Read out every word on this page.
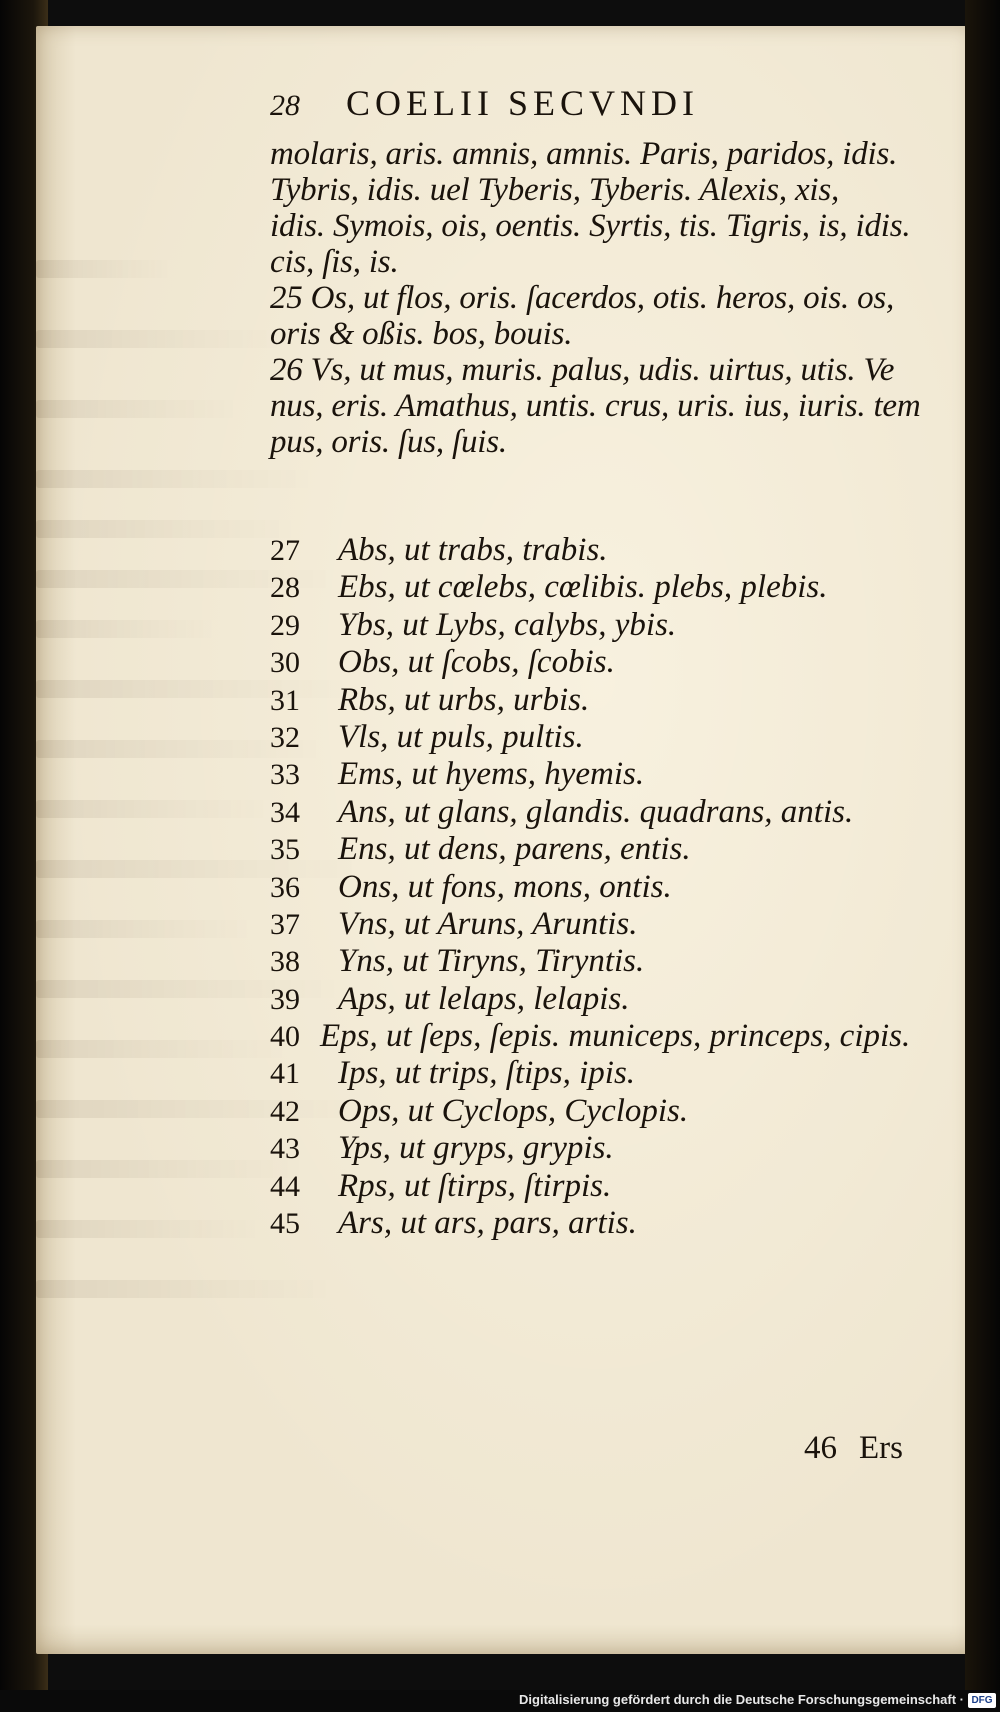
28 COELII SECVNDI
molaris, aris. amnis, amnis. Paris, paridos, idis.
Tybris, idis. uel Tyberis, Tyberis. Alexis, xis,
idis. Symois, ois, oentis. Syrtis, tis. Tigris, is, idis.
cis, ſis, is.
25 Os, ut flos, oris. ſacerdos, otis. heros, ois. os,
oris & oßis. bos, bouis.
26 Vs, ut mus, muris. palus, udis. uirtus, utis. Ve
nus, eris. Amathus, untis. crus, uris. ius, iuris. tem
pus, oris. ſus, ſuis.
27	Abs, ut trabs, trabis.
28	Ebs, ut cœlebs, cœlibis. plebs, plebis.
29	Ybs, ut Lybs, calybs, ybis.
30	Obs, ut ſcobs, ſcobis.
31	Rbs, ut urbs, urbis.
32	Vls, ut puls, pultis.
33	Ems, ut hyems, hyemis.
34	Ans, ut glans, glandis. quadrans, antis.
35	Ens, ut dens, parens, entis.
36	Ons, ut fons, mons, ontis.
37	Vns, ut Aruns, Aruntis.
38	Yns, ut Tiryns, Tiryntis.
39	Aps, ut lelaps, lelapis.
40 Eps, ut ſeps, ſepis. municeps, princeps, cipis.
41	Ips, ut trips, ſtips, ipis.
42	Ops, ut Cyclops, Cyclopis.
43	Yps, ut gryps, grypis.
44	Rps, ut ſtirps, ſtirpis.
45	Ars, ut ars, pars, artis.
46 Ers
Digitalisierung gefördert durch die Deutsche Forschungsgemeinschaft · DFG
